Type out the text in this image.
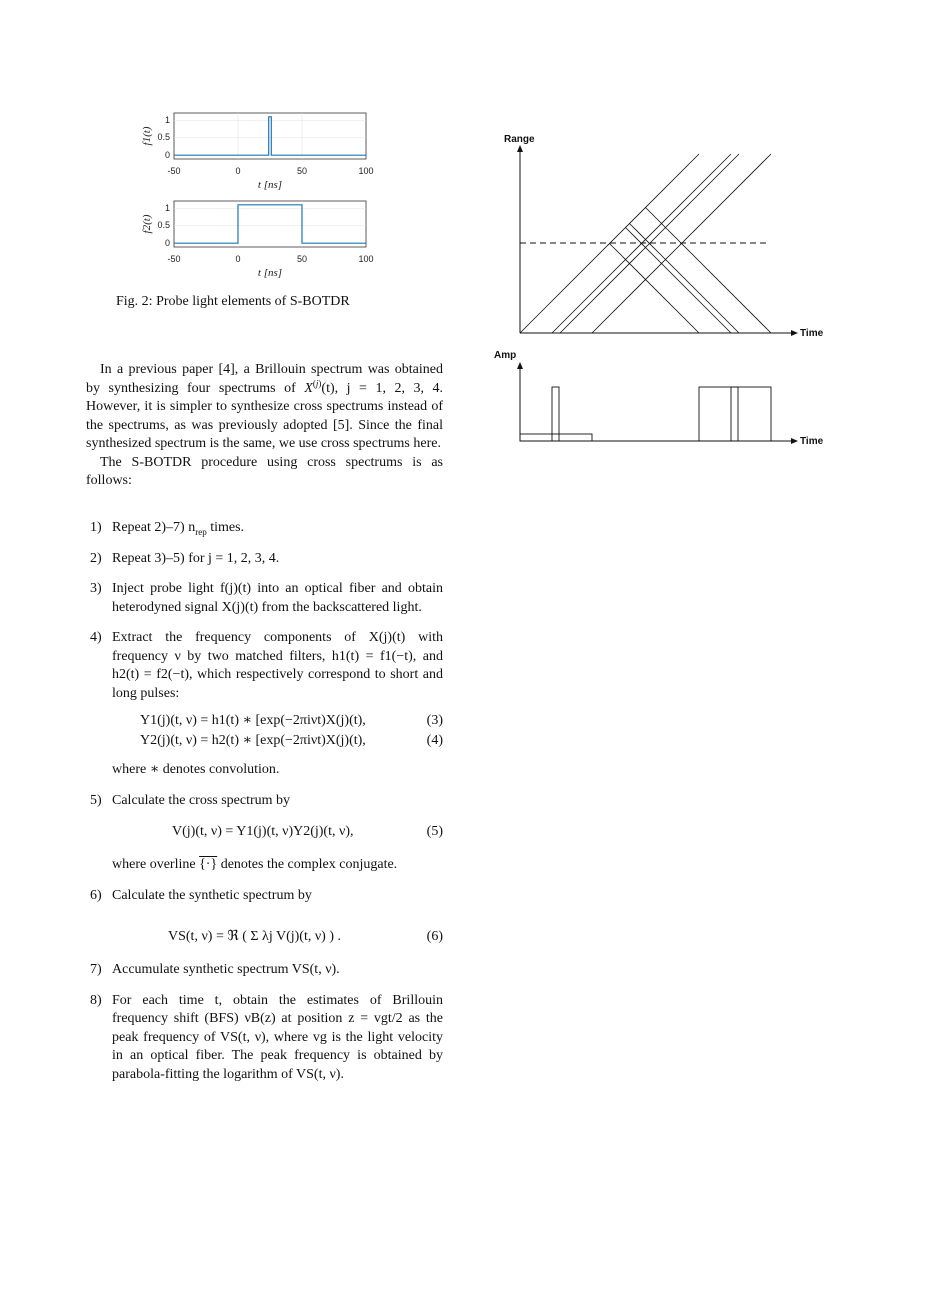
1
0.5
0
-50	0	50	100
t [ns]
f1(t)
1
0.5
0
-50	0	50	100
t [ns]
f2(t)
Fig. 2: Probe light elements of S-BOTDR
Range
Time
Amp
Time

In a previous paper [4], a Brillouin spectrum was obtained by synthesizing four spectrums of $X^{(j)}(t)$, j = 1, 2, 3, 4. However, it is simpler to synthesize cross spectrums instead of the spectrums, as was previously adopted [5]. Since the final synthesized spectrum is the same, we use cross spectrums here.

The S-BOTDR procedure using cross spectrums is as follows:

1) Repeat 2)–7) $n_{rep}$ times.
2) Repeat 3)–5) for j = 1, 2, 3, 4.
3) Inject probe light f(j)(t) into an optical fiber and obtain heterodyned signal X(j)(t) from the backscattered light.
4) Extract the frequency components of X(j)(t) with frequency ν by two matched filters, h1(t) = f1(−t), and h2(t) = f2(−t), which respectively correspond to short and long pulses:
Y1(j)(t, ν) = h1(t) ∗ [exp(−2πiνt)X(j)(t),	(3)
Y2(j)(t, ν) = h2(t) ∗ [exp(−2πiνt)X(j)(t),	(4)
where ∗ denotes convolution.
5) Calculate the cross spectrum by
V(j)(t, ν) = Y1(j)(t, ν)Y2(j)(t, ν),	(5)
where overline {·} denotes the complex conjugate.
6) Calculate the synthetic spectrum by
VS(t, ν) = ℜ ( Σ λj V(j)(t, ν) ) .	(6)
7) Accumulate synthetic spectrum VS(t, ν).
8) For each time t, obtain the estimates of Brillouin frequency shift (BFS) νB(z) at position z = vgt/2 as the peak frequency of VS(t, ν), where vg is the light velocity in an optical fiber. The peak frequency is obtained by parabola-fitting the logarithm of VS(t, ν).
